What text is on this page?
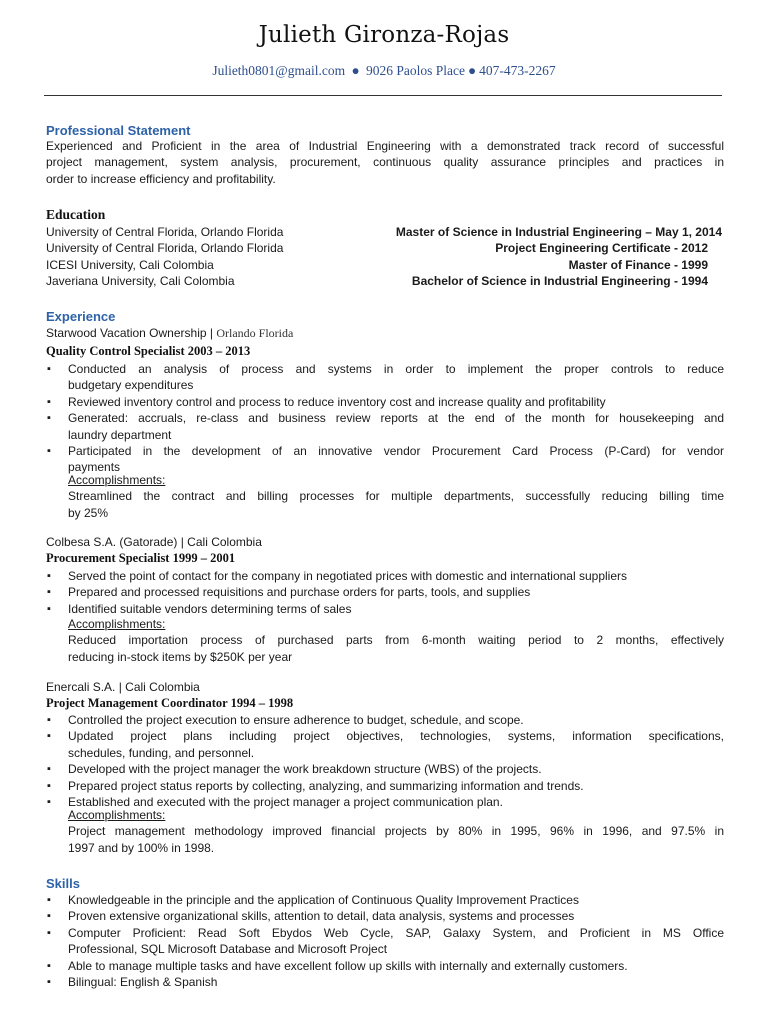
Julieth Gironza-Rojas
Julieth0801@gmail.com ● 9026 Paolos Place ● 407-473-2267
Professional Statement
Experienced and Proficient in the area of Industrial Engineering with a demonstrated track record of successful
project management, system analysis, procurement, continuous quality assurance principles and practices in
order to increase efficiency and profitability.
Education
University of Central Florida, Orlando Florida	Master of Science in Industrial Engineering – May 1, 2014
University of Central Florida, Orlando Florida	Project Engineering Certificate - 2012
ICESI University, Cali Colombia	Master of Finance - 1999
Javeriana University, Cali Colombia	Bachelor of Science in Industrial Engineering - 1994
Experience
Starwood Vacation Ownership | Orlando Florida
Quality Control Specialist 2003 – 2013
▪ Conducted an analysis of process and systems in order to implement the proper controls to reduce
budgetary expenditures
▪ Reviewed inventory control and process to reduce inventory cost and increase quality and profitability
▪ Generated: accruals, re-class and business review reports at the end of the month for housekeeping and
laundry department
▪ Participated in the development of an innovative vendor Procurement Card Process (P-Card) for vendor
payments
Accomplishments:
Streamlined the contract and billing processes for multiple departments, successfully reducing billing time
by 25%
Colbesa S.A. (Gatorade) | Cali Colombia
Procurement Specialist 1999 – 2001
▪ Served the point of contact for the company in negotiated prices with domestic and international suppliers
▪ Prepared and processed requisitions and purchase orders for parts, tools, and supplies
▪ Identified suitable vendors determining terms of sales
Accomplishments:
Reduced importation process of purchased parts from 6-month waiting period to 2 months, effectively
reducing in-stock items by $250K per year
Enercali S.A. | Cali Colombia
Project Management Coordinator 1994 – 1998
▪ Controlled the project execution to ensure adherence to budget, schedule, and scope.
▪ Updated project plans including project objectives, technologies, systems, information specifications,
schedules, funding, and personnel.
▪ Developed with the project manager the work breakdown structure (WBS) of the projects.
▪ Prepared project status reports by collecting, analyzing, and summarizing information and trends.
▪ Established and executed with the project manager a project communication plan.
Accomplishments:
Project management methodology improved financial projects by 80% in 1995, 96% in 1996, and 97.5% in
1997 and by 100% in 1998.
Skills
▪ Knowledgeable in the principle and the application of Continuous Quality Improvement Practices
▪ Proven extensive organizational skills, attention to detail, data analysis, systems and processes
▪ Computer Proficient: Read Soft Ebydos Web Cycle, SAP, Galaxy System, and Proficient in MS Office
Professional, SQL Microsoft Database and Microsoft Project
▪ Able to manage multiple tasks and have excellent follow up skills with internally and externally customers.
▪ Bilingual: English & Spanish
